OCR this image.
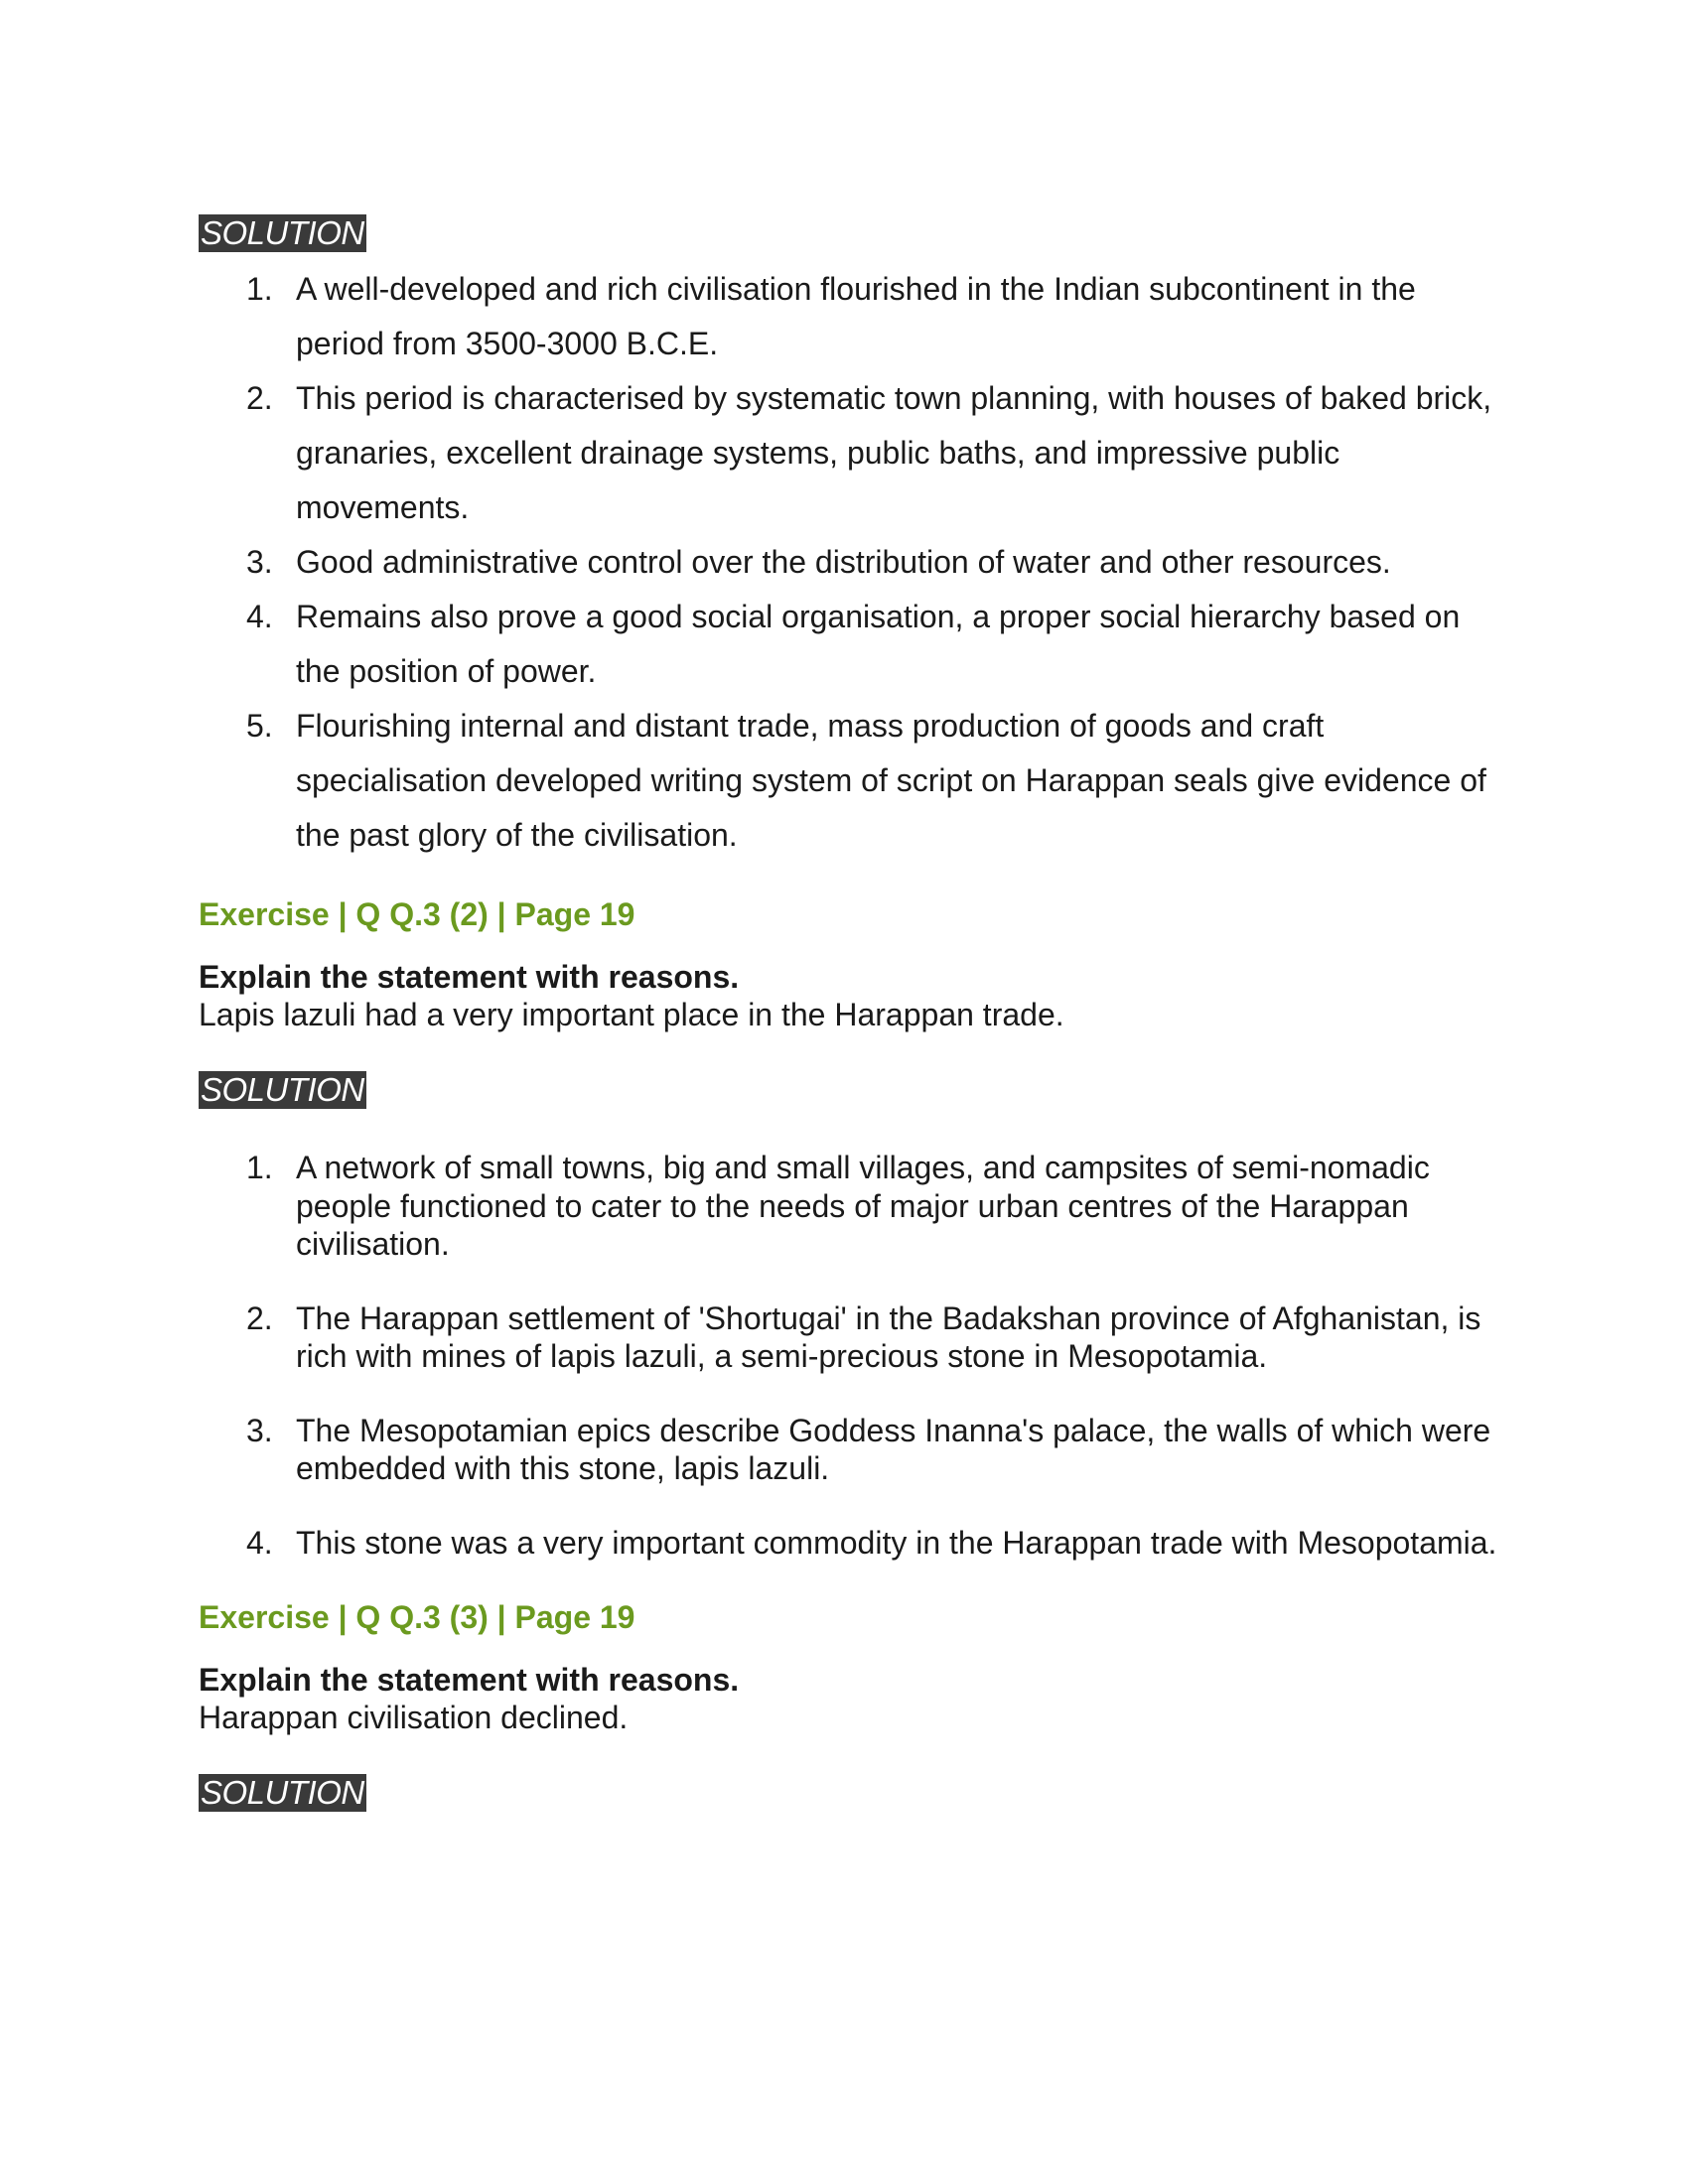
SOLUTION
1. A well-developed and rich civilisation flourished in the Indian subcontinent in the period from 3500-3000 B.C.E.
2. This period is characterised by systematic town planning, with houses of baked brick, granaries, excellent drainage systems, public baths, and impressive public movements.
3. Good administrative control over the distribution of water and other resources.
4. Remains also prove a good social organisation, a proper social hierarchy based on the position of power.
5. Flourishing internal and distant trade, mass production of goods and craft specialisation developed writing system of script on Harappan seals give evidence of the past glory of the civilisation.
Exercise | Q Q.3 (2) | Page 19
Explain the statement with reasons.
Lapis lazuli had a very important place in the Harappan trade.
SOLUTION
1. A network of small towns, big and small villages, and campsites of semi-nomadic people functioned to cater to the needs of major urban centres of the Harappan civilisation.
2. The Harappan settlement of 'Shortugai' in the Badakshan province of Afghanistan, is rich with mines of lapis lazuli, a semi-precious stone in Mesopotamia.
3. The Mesopotamian epics describe Goddess Inanna's palace, the walls of which were embedded with this stone, lapis lazuli.
4. This stone was a very important commodity in the Harappan trade with Mesopotamia.
Exercise | Q Q.3 (3) | Page 19
Explain the statement with reasons.
Harappan civilisation declined.
SOLUTION
